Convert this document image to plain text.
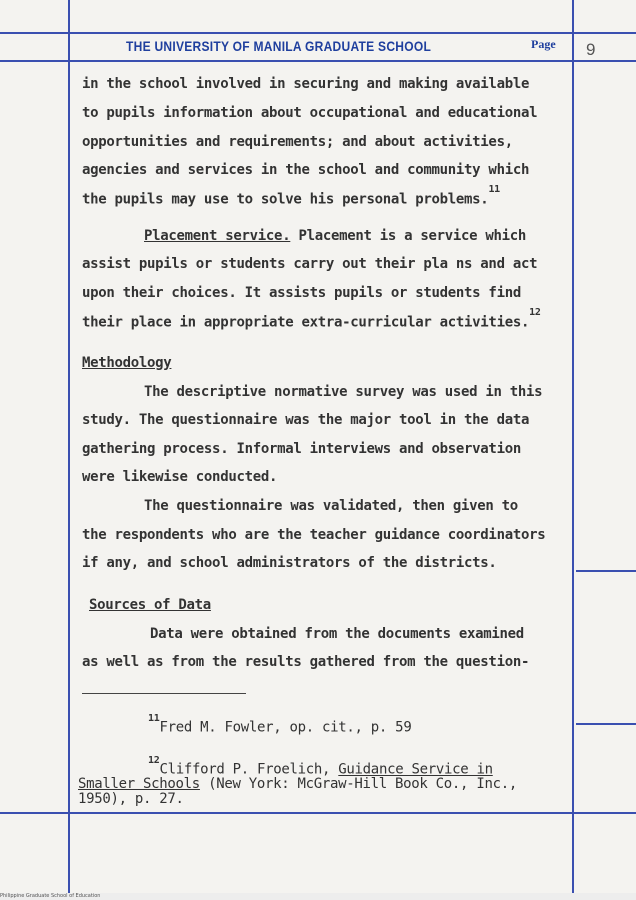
THE UNIVERSITY OF MANILA GRADUATE SCHOOL	Page 9
in the school involved in securing and making available
to pupils information about occupational and educational
opportunities and requirements; and about activities,
agencies and services in the school and community which
the pupils may use to solve his personal problems.$^{11}$
Placement service. Placement is a service which
assist pupils or students carry out their pla ns and act
upon their choices. It assists pupils or students find
their place in appropriate extra-curricular activities.$^{12}$
Methodology
The descriptive normative survey was used in this
study. The questionnaire was the major tool in the data
gathering process. Informal interviews and observation
were likewise conducted.
The questionnaire was validated, then given to
the respondents who are the teacher guidance coordinators
if any, and school administrators of the districts.
Sources of Data
Data were obtained from the documents examined
as well as from the results gathered from the question-
$^{11}$Fred M. Fowler, op. cit., p. 59
$^{12}$Clifford P. Froelich, Guidance Service in
Smaller Schools (New York: McGraw-Hill Book Co., Inc.,
1950), p. 27.
Philippine Graduate School of Education
